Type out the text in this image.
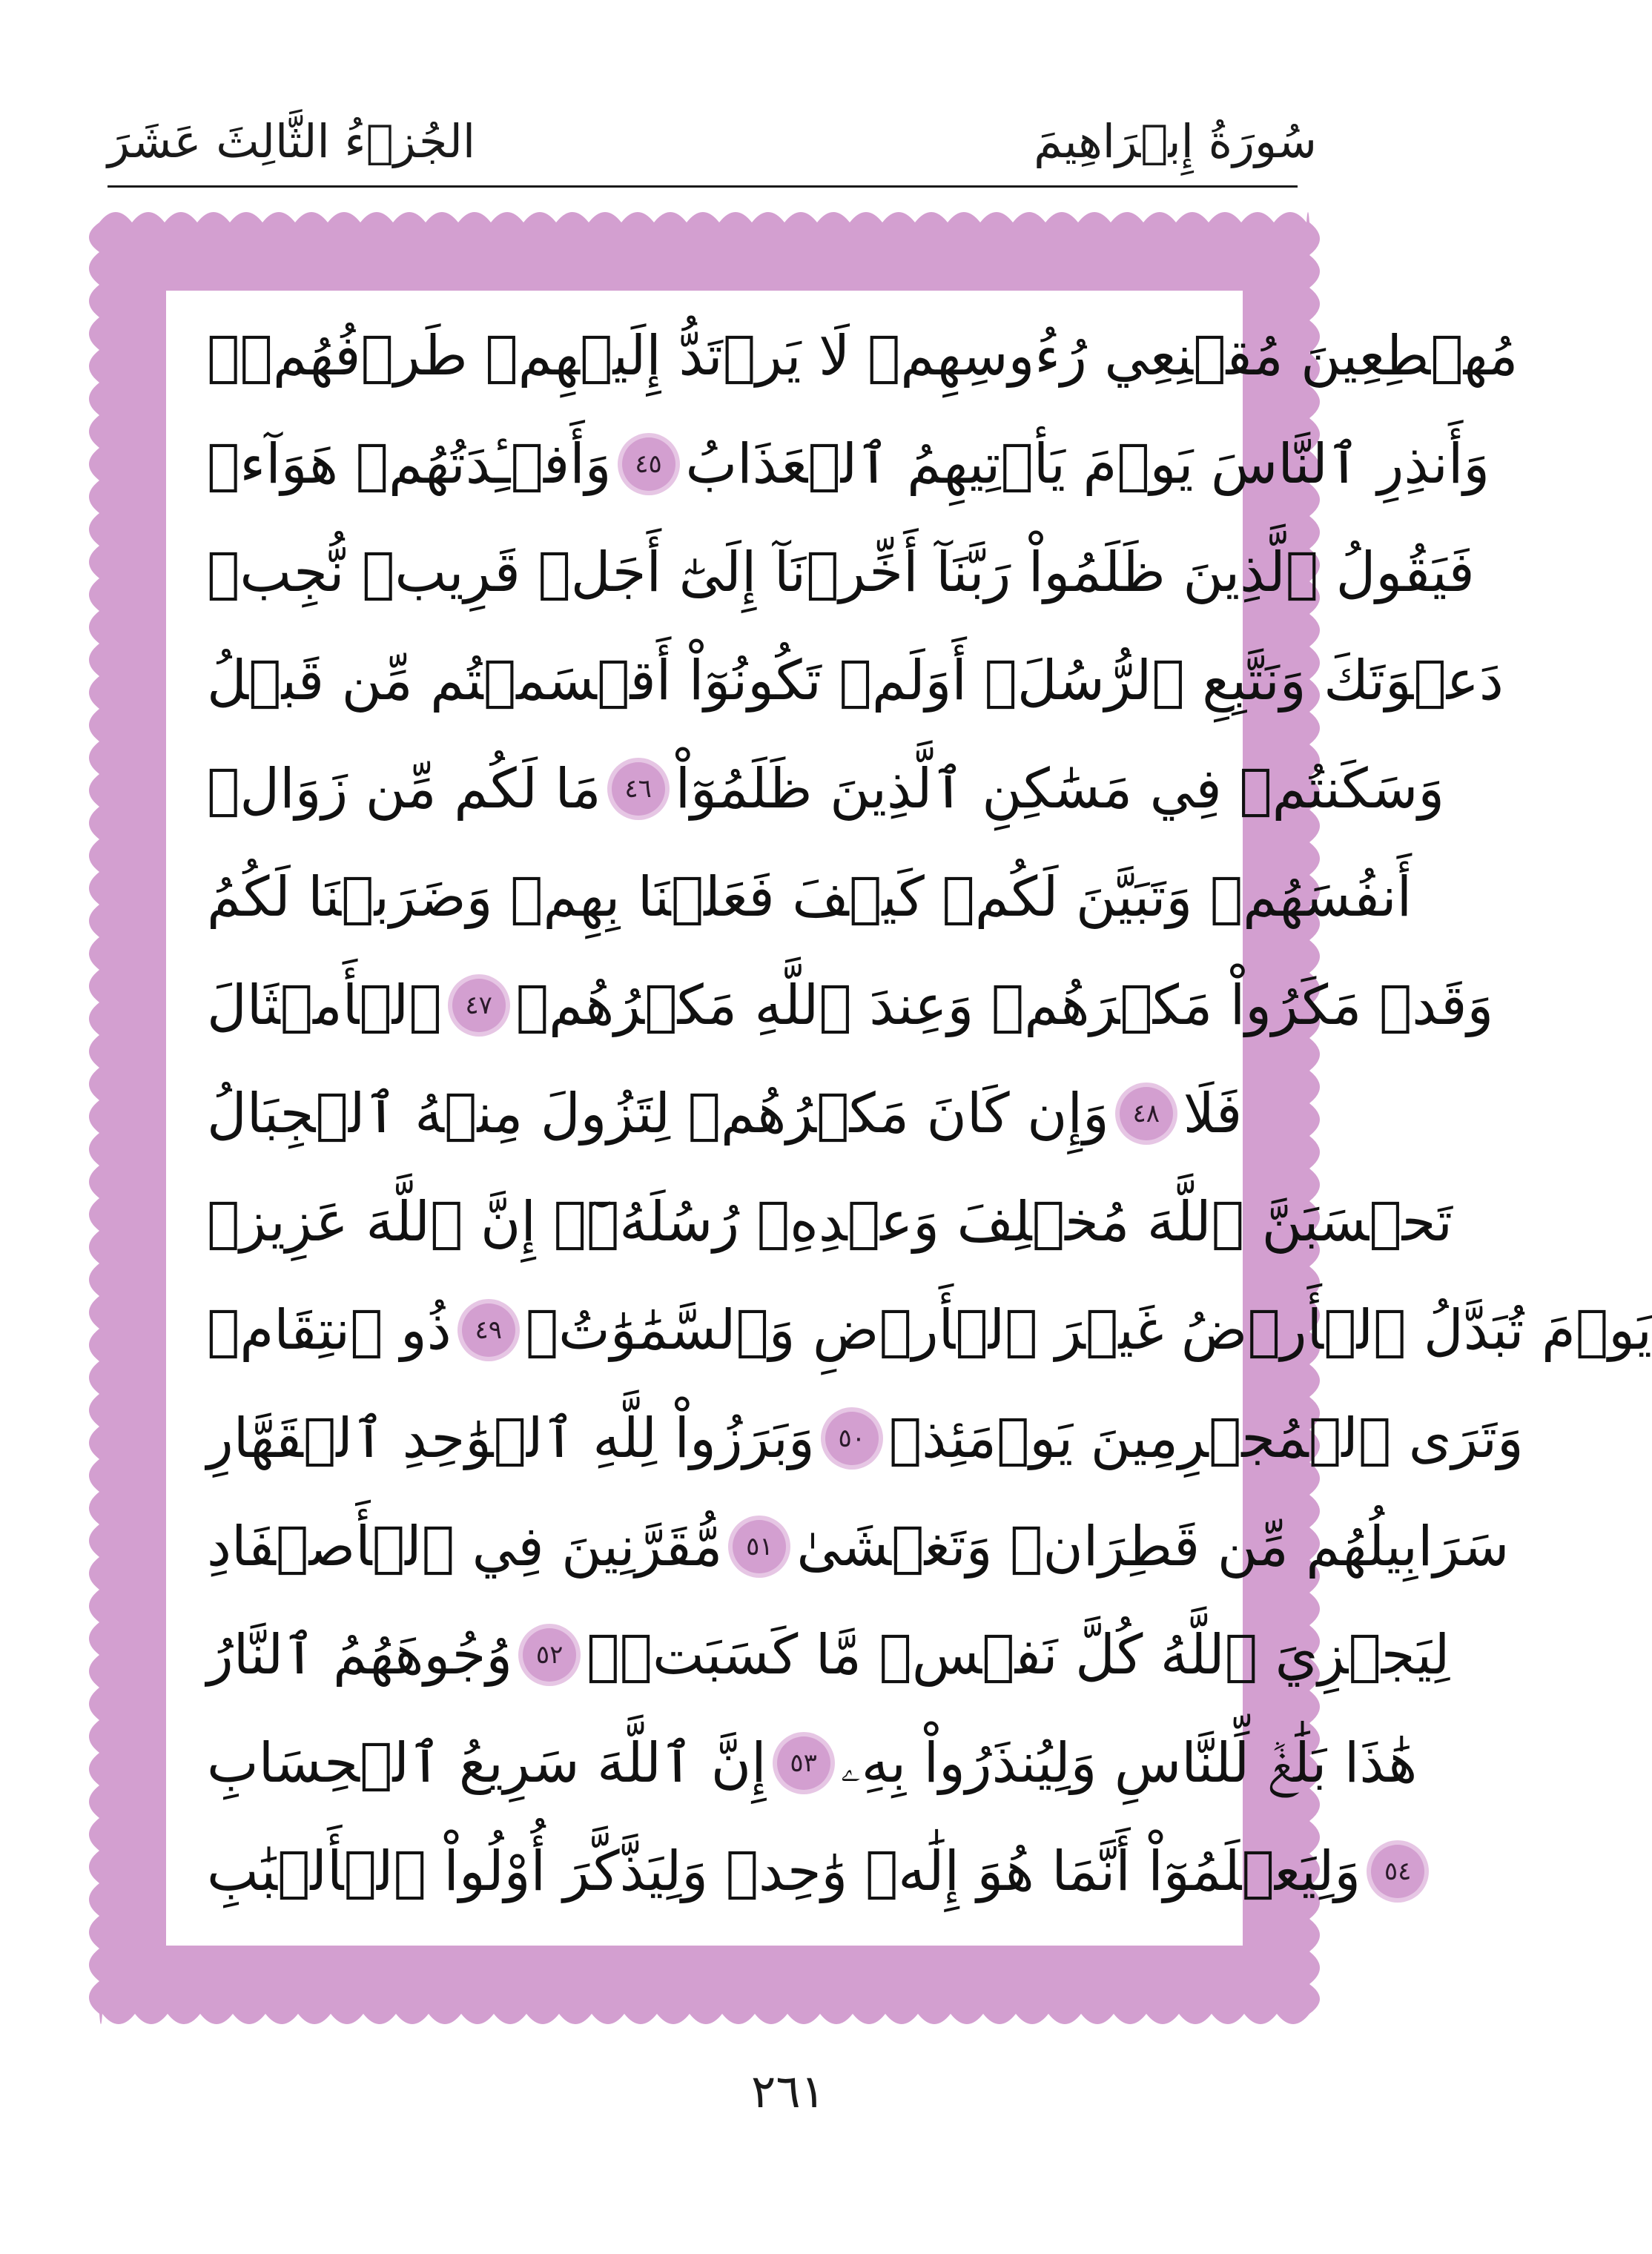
سُورَةُ إِبۡرَاهِيمَ
الجُزۡءُ الثَّالِثَ عَشَرَ
مُهۡطِعِينَ مُقۡنِعِي رُءُوسِهِمۡ لَا يَرۡتَدُّ إِلَيۡهِمۡ طَرۡفُهُمۡۖ
وَأَفۡـِٔدَتُهُمۡ هَوَآءٞ ٤٥ وَأَنذِرِ ٱلنَّاسَ يَوۡمَ يَأۡتِيهِمُ ٱلۡعَذَابُ
فَيَقُولُ ٱلَّذِينَ ظَلَمُواْ رَبَّنَآ أَخِّرۡنَآ إِلَىٰٓ أَجَلٖ قَرِيبٖ نُّجِبۡ
دَعۡوَتَكَ وَنَتَّبِعِ ٱلرُّسُلَۗ أَوَلَمۡ تَكُونُوٓاْ أَقۡسَمۡتُم مِّن قَبۡلُ
مَا لَكُم مِّن زَوَالٖ ٤٦ وَسَكَنتُمۡ فِي مَسَٰكِنِ ٱلَّذِينَ ظَلَمُوٓاْ
أَنفُسَهُمۡ وَتَبَيَّنَ لَكُمۡ كَيۡفَ فَعَلۡنَا بِهِمۡ وَضَرَبۡنَا لَكُمُ
ٱلۡأَمۡثَالَ ٤٧ وَقَدۡ مَكَرُواْ مَكۡرَهُمۡ وَعِندَ ٱللَّهِ مَكۡرُهُمۡ
وَإِن كَانَ مَكۡرُهُمۡ لِتَزُولَ مِنۡهُ ٱلۡجِبَالُ ٤٨ فَلَا
تَحۡسَبَنَّ ٱللَّهَ مُخۡلِفَ وَعۡدِهِۦ رُسُلَهُۥٓۚ إِنَّ ٱللَّهَ عَزِيزٞ
ذُو ٱنتِقَامٖ ٤٩ يَوۡمَ تُبَدَّلُ ٱلۡأَرۡضُ غَيۡرَ ٱلۡأَرۡضِ وَٱلسَّمَٰوَٰتُۖ
وَبَرَزُواْ لِلَّهِ ٱلۡوَٰحِدِ ٱلۡقَهَّارِ ٥٠ وَتَرَى ٱلۡمُجۡرِمِينَ يَوۡمَئِذٖ
مُّقَرَّنِينَ فِي ٱلۡأَصۡفَادِ ٥١ سَرَابِيلُهُم مِّن قَطِرَانٖ وَتَغۡشَىٰ
وُجُوهَهُمُ ٱلنَّارُ ٥٢ لِيَجۡزِيَ ٱللَّهُ كُلَّ نَفۡسٖ مَّا كَسَبَتۡۚ
إِنَّ ٱللَّهَ سَرِيعُ ٱلۡحِسَابِ ٥٣ هَٰذَا بَلَٰغٞ لِّلنَّاسِ وَلِيُنذَرُواْ بِهِۦ
وَلِيَعۡلَمُوٓاْ أَنَّمَا هُوَ إِلَٰهٞ وَٰحِدٞ وَلِيَذَّكَّرَ أُوْلُواْ ٱلۡأَلۡبَٰبِ ٥٤
٢٦١
